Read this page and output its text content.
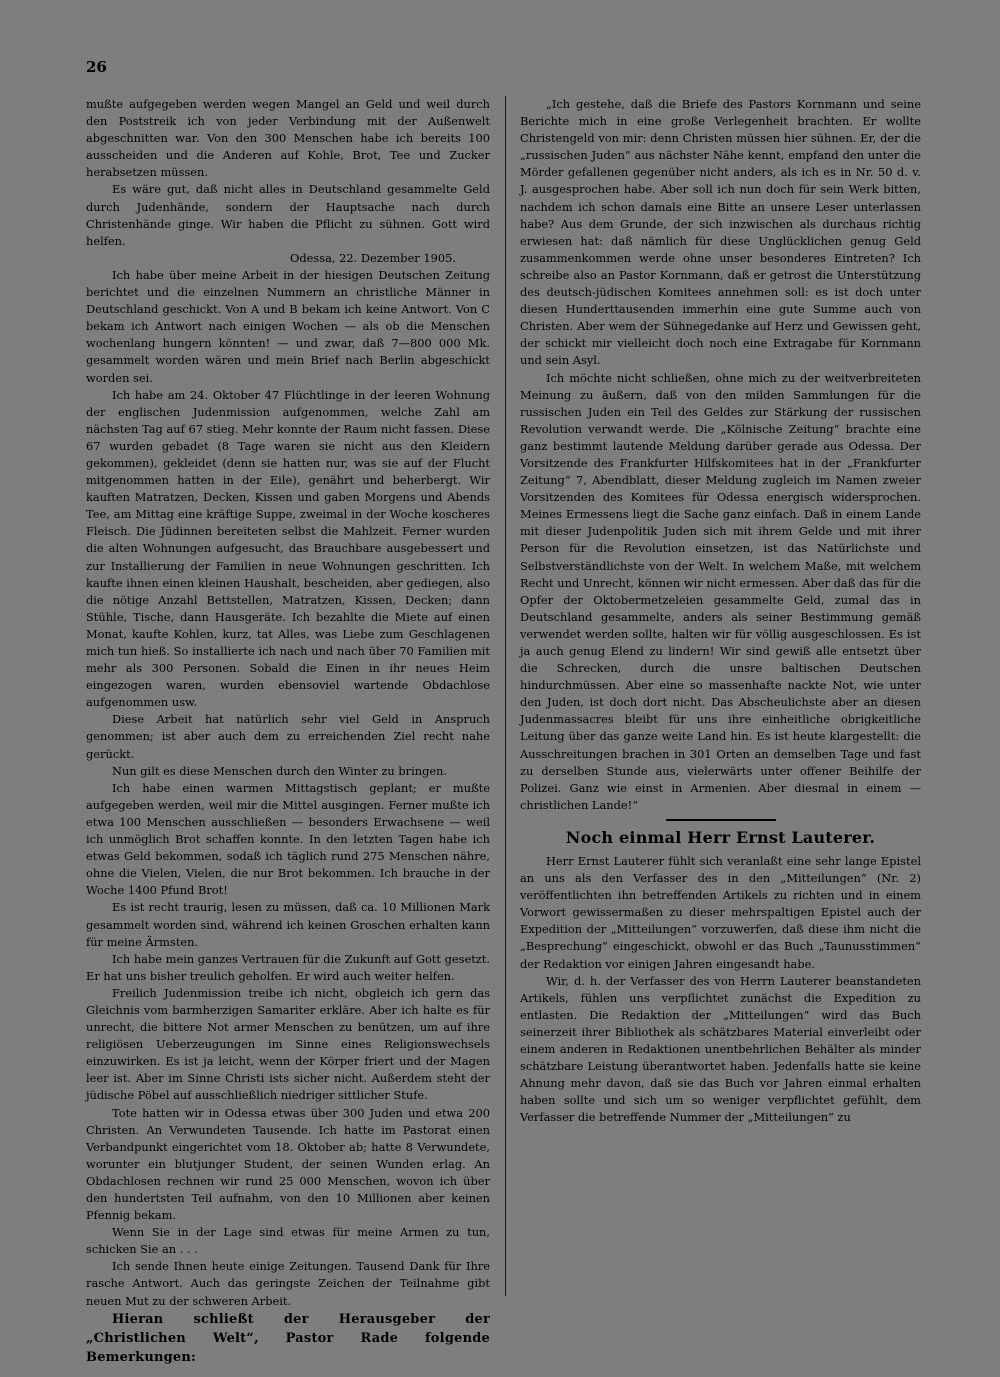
26

mußte aufgegeben werden wegen Mangel an Geld und weil durch den Poststreik ich von jeder Verbindung mit der Außenwelt abgeschnitten war. Von den 300 Menschen habe ich bereits 100 ausscheiden und die Anderen auf Kohle, Brot, Tee und Zucker herabsetzen müssen.

Es wäre gut, daß nicht alles in Deutschland gesammelte Geld durch Judenhände, sondern der Hauptsache nach durch Christenhände ginge. Wir haben die Pflicht zu sühnen. Gott wird helfen.

Odessa, 22. Dezember 1905.

Ich habe über meine Arbeit in der hiesigen Deutschen Zeitung berichtet und die einzelnen Nummern an christliche Männer in Deutschland geschickt. Von A und B bekam ich keine Antwort. Von C bekam ich Antwort nach einigen Wochen — als ob die Menschen wochenlang hungern könnten! — und zwar, daß 7—800 000 Mk. gesammelt worden wären und mein Brief nach Berlin abgeschickt worden sei.

Ich habe am 24. Oktober 47 Flüchtlinge in der leeren Wohnung der englischen Judenmission aufgenommen, welche Zahl am nächsten Tag auf 67 stieg. Mehr konnte der Raum nicht fassen. Diese 67 wurden gebadet (8 Tage waren sie nicht aus den Kleidern gekommen), gekleidet (denn sie hatten nur, was sie auf der Flucht mitgenommen hatten in der Eile), genährt und beherbergt. Wir kauften Matratzen, Decken, Kissen und gaben Morgens und Abends Tee, am Mittag eine kräftige Suppe, zweimal in der Woche koscheres Fleisch. Die Jüdinnen bereiteten selbst die Mahlzeit. Ferner wurden die alten Wohnungen aufgesucht, das Brauchbare ausgebessert und zur Installierung der Familien in neue Wohnungen geschritten. Ich kaufte ihnen einen kleinen Haushalt, bescheiden, aber gediegen, also die nötige Anzahl Bettstellen, Matratzen, Kissen, Decken; dann Stühle, Tische, dann Hausgeräte. Ich bezahlte die Miete auf einen Monat, kaufte Kohlen, kurz, tat Alles, was Liebe zum Geschlagenen mich tun hieß. So installierte ich nach und nach über 70 Familien mit mehr als 300 Personen. Sobald die Einen in ihr neues Heim eingezogen waren, wurden ebensoviel wartende Obdachlose aufgenommen usw.

Diese Arbeit hat natürlich sehr viel Geld in Anspruch genommen; ist aber auch dem zu erreichenden Ziel recht nahe gerückt.

Nun gilt es diese Menschen durch den Winter zu bringen.

Ich habe einen warmen Mittagstisch geplant; er mußte aufgegeben werden, weil mir die Mittel ausgingen. Ferner mußte ich etwa 100 Menschen ausschließen — besonders Erwachsene — weil ich unmöglich Brot schaffen konnte. In den letzten Tagen habe ich etwas Geld bekommen, sodaß ich täglich rund 275 Menschen nähre, ohne die Vielen, Vielen, die nur Brot bekommen. Ich brauche in der Woche 1400 Pfund Brot!

Es ist recht traurig, lesen zu müssen, daß ca. 10 Millionen Mark gesammelt worden sind, während ich keinen Groschen erhalten kann für meine Ärmsten.

Ich habe mein ganzes Vertrauen für die Zukunft auf Gott gesetzt. Er hat uns bisher treulich geholfen. Er wird auch weiter helfen.

Freilich Judenmission treibe ich nicht, obgleich ich gern das Gleichnis vom barmherzigen Samariter erkläre. Aber ich halte es für unrecht, die bittere Not armer Menschen zu benützen, um auf ihre religiösen Ueberzeugungen im Sinne eines Religionswechsels einzuwirken. Es ist ja leicht, wenn der Körper friert und der Magen leer ist. Aber im Sinne Christi ists sicher nicht. Außerdem steht der jüdische Pöbel auf ausschließlich niedriger sittlicher Stufe.

Tote hatten wir in Odessa etwas über 300 Juden und etwa 200 Christen. An Verwundeten Tausende. Ich hatte im Pastorat einen Verbandpunkt eingerichtet vom 18. Oktober ab; hatte 8 Verwundete, worunter ein blutjunger Student, der seinen Wunden erlag. An Obdachlosen rechnen wir rund 25 000 Menschen, wovon ich über den hundertsten Teil aufnahm, von den 10 Millionen aber keinen Pfennig bekam.

Wenn Sie in der Lage sind etwas für meine Armen zu tun, schicken Sie an . . .

Ich sende Ihnen heute einige Zeitungen. Tausend Dank für Ihre rasche Antwort. Auch das geringste Zeichen der Teilnahme gibt neuen Mut zu der schweren Arbeit.

Hieran schließt der Herausgeber der „Christlichen Welt“, Pastor Rade folgende Bemerkungen:

„Ich gestehe, daß die Briefe des Pastors Kornmann und seine Berichte mich in eine große Verlegenheit brachten. Er wollte Christengeld von mir: denn Christen müssen hier sühnen. Er, der die „russischen Juden“ aus nächster Nähe kennt, empfand den unter die Mörder gefallenen gegenüber nicht anders, als ich es in Nr. 50 d. v. J. ausgesprochen habe. Aber soll ich nun doch für sein Werk bitten, nachdem ich schon damals eine Bitte an unsere Leser unterlassen habe? Aus dem Grunde, der sich inzwischen als durchaus richtig erwiesen hat: daß nämlich für diese Unglücklichen genug Geld zusammenkommen werde ohne unser besonderes Eintreten? Ich schreibe also an Pastor Kornmann, daß er getrost die Unterstützung des deutsch-jüdischen Komitees annehmen soll: es ist doch unter diesen Hunderttausenden immerhin eine gute Summe auch von Christen. Aber wem der Sühnegedanke auf Herz und Gewissen geht, der schickt mir vielleicht doch noch eine Extragabe für Kornmann und sein Asyl.

Ich möchte nicht schließen, ohne mich zu der weitverbreiteten Meinung zu äußern, daß von den milden Sammlungen für die russischen Juden ein Teil des Geldes zur Stärkung der russischen Revolution verwandt werde. Die „Kölnische Zeitung“ brachte eine ganz bestimmt lautende Meldung darüber gerade aus Odessa. Der Vorsitzende des Frankfurter Hilfskomitees hat in der „Frankfurter Zeitung“ 7, Abendblatt, dieser Meldung zugleich im Namen zweier Vorsitzenden des Komitees für Odessa energisch widersprochen. Meines Ermessens liegt die Sache ganz einfach. Daß in einem Lande mit dieser Judenpolitik Juden sich mit ihrem Gelde und mit ihrer Person für die Revolution einsetzen, ist das Natürlichste und Selbstverständlichste von der Welt. In welchem Maße, mit welchem Recht und Unrecht, können wir nicht ermessen. Aber daß das für die Opfer der Oktobermetzeleien gesammelte Geld, zumal das in Deutschland gesammelte, anders als seiner Bestimmung gemäß verwendet werden sollte, halten wir für völlig ausgeschlossen. Es ist ja auch genug Elend zu lindern! Wir sind gewiß alle entsetzt über die Schrecken, durch die unsre baltischen Deutschen hindurchmüssen. Aber eine so massenhafte nackte Not, wie unter den Juden, ist doch dort nicht. Das Abscheulichste aber an diesen Judenmassacres bleibt für uns ihre einheitliche obrigkeitliche Leitung über das ganze weite Land hin. Es ist heute klargestellt: die Ausschreitungen brachen in 301 Orten an demselben Tage und fast zu derselben Stunde aus, vielerwärts unter offener Beihilfe der Polizei. Ganz wie einst in Armenien. Aber diesmal in einem — christlichen Lande!“

Noch einmal Herr Ernst Lauterer.

Herr Ernst Lauterer fühlt sich veranlaßt eine sehr lange Epistel an uns als den Verfasser des in den „Mitteilungen“ (Nr. 2) veröffentlichten ihn betreffenden Artikels zu richten und in einem Vorwort gewissermaßen zu dieser mehrspaltigen Epistel auch der Expedition der „Mitteilungen“ vorzuwerfen, daß diese ihm nicht die „Besprechung“ eingeschickt, obwohl er das Buch „Taunusstimmen“ der Redaktion vor einigen Jahren eingesandt habe.

Wir, d. h. der Verfasser des von Herrn Lauterer beanstandeten Artikels, fühlen uns verpflichtet zunächst die Expedition zu entlasten. Die Redaktion der „Mitteilungen“ wird das Buch seinerzeit ihrer Bibliothek als schätzbares Material einverleibt oder einem anderen in Redaktionen unentbehrlichen Behälter als minder schätzbare Leistung überantwortet haben. Jedenfalls hatte sie keine Ahnung mehr davon, daß sie das Buch vor Jahren einmal erhalten haben sollte und sich um so weniger verpflichtet gefühlt, dem Verfasser die betreffende Nummer der „Mitteilungen“ zu
